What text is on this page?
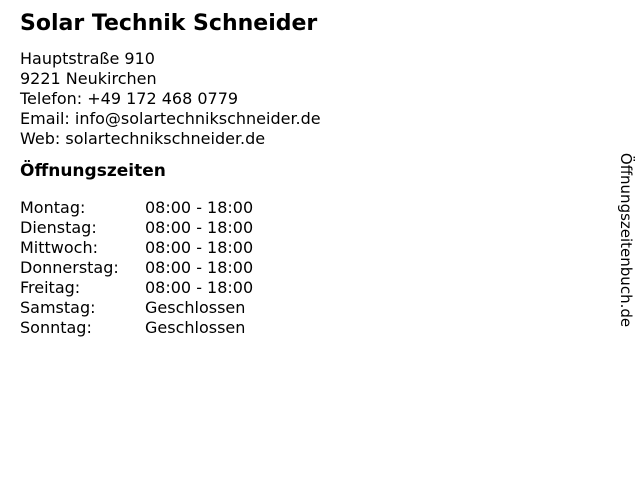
Solar Technik Schneider
Hauptstraße 910
9221 Neukirchen
Telefon: +49 172 468 0779
Email: info@solartechnikschneider.de
Web: solartechnikschneider.de
Öffnungszeiten
Montag:	08:00 - 18:00
Dienstag:	08:00 - 18:00
Mittwoch:	08:00 - 18:00
Donnerstag: 08:00 - 18:00
Freitag:	08:00 - 18:00
Samstag:	Geschlossen
Sonntag:	Geschlossen
Öffnungszeitenbuch.de
